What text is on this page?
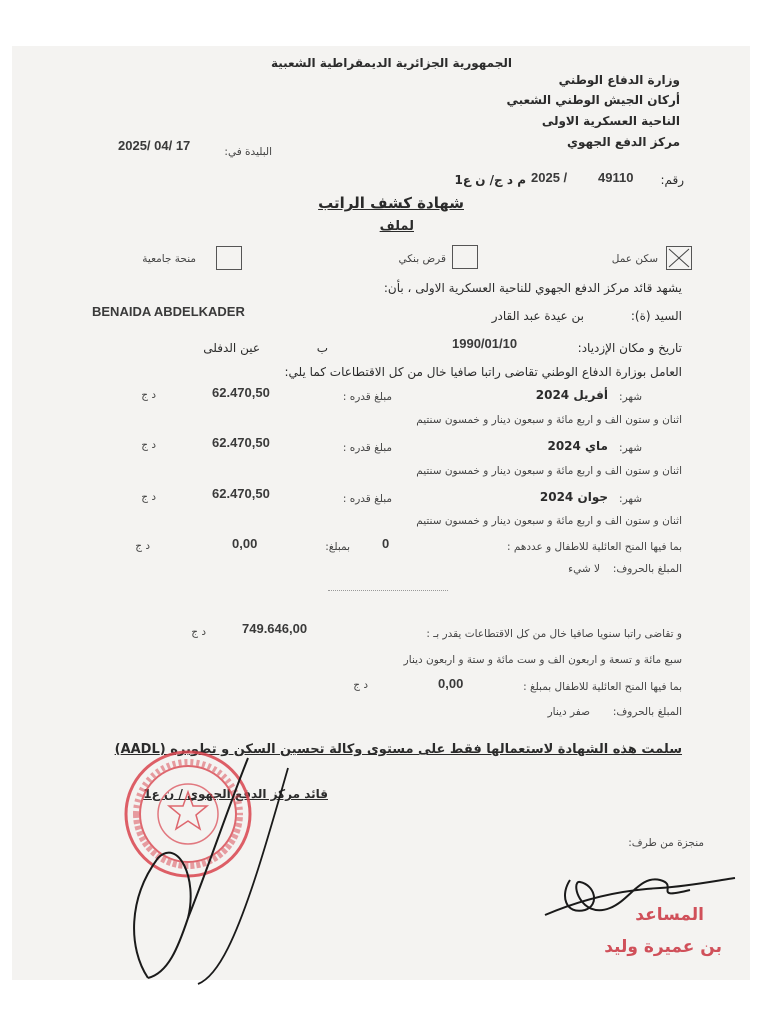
الجمهورية الجزائرية الديمقراطية الشعبية
وزارة الدفاع الوطني
أركان الجيش الوطني الشعبي
الناحية العسكرية الاولى
مركز الدفع الجهوي
البليدة في:
2025/ 04/ 17
رقم:
49110
2025 /
م د ج/ ن ع1
شهادة كشف الراتب
لملف
سكن عمل
قرض بنكي
منحة جامعية
يشهد قائد مركز الدفع الجهوي للناحية العسكرية الاولى ، بأن:
السيد (ة):
بن عيدة عبد القادر
BENAIDA ABDELKADER
تاريخ و مكان الإزدياد:
1990/01/10
ب
عين الدفلى
العامل بوزارة الدفاع الوطني تقاضى راتبا صافيا خال من كل الاقتطاعات كما يلي:
شهر:
أفريل 2024
مبلغ قدره :
62.470,50
د ج
اثنان و ستون الف و اربع مائة و سبعون دينار و خمسون سنتيم
شهر:
ماي 2024
مبلغ قدره :
62.470,50
د ج
اثنان و ستون الف و اربع مائة و سبعون دينار و خمسون سنتيم
شهر:
جوان 2024
مبلغ قدره :
62.470,50
د ج
اثنان و ستون الف و اربع مائة و سبعون دينار و خمسون سنتيم
بما فيها المنح العائلية للاطفال و عددهم :
0
بمبلغ:
0,00
د ج
المبلغ بالحروف:
لا شيء
و تقاضى راتبا سنويا صافيا خال من كل الاقتطاعات يقدر بـ :
749.646,00
د ج
سبع مائة و تسعة و اربعون الف و ست مائة و ستة و اربعون دينار
بما فيها المنح العائلية للاطفال بمبلغ :
0,00
د ج
المبلغ بالحروف:
صفر دينار
سلمت هذه الشهادة لاستعمالها فقط على مستوى وكالة تحسين السكن و تطويره (AADL)
قائد مركز الدفع الجهوي / ن ع1
منجزة من طرف:
المساعد
بن عميرة وليد
